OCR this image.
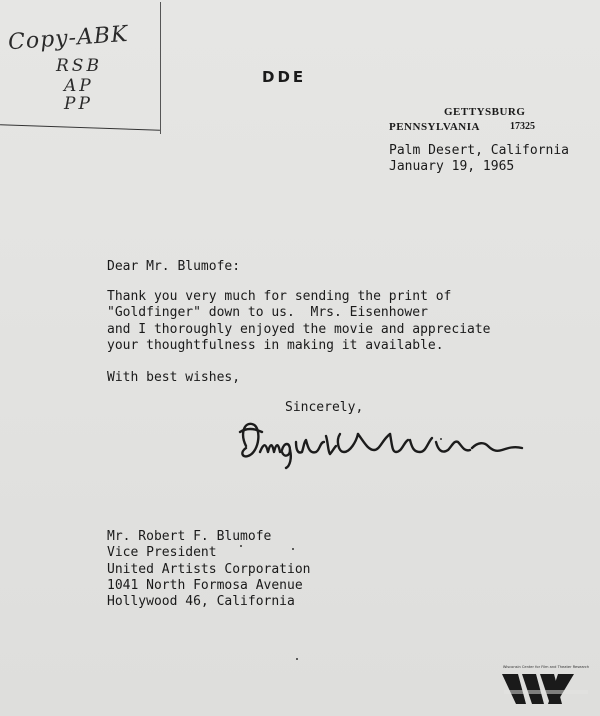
Copy-ABK
RSB
AP
PP
DDE
GETTYSBURG
PENNSYLVANIA	17325
Palm Desert, California
January 19, 1965
Dear Mr. Blumofe:
Thank you very much for sending the print of
"Goldfinger" down to us.  Mrs. Eisenhower
and I thoroughly enjoyed the movie and appreciate
your thoughtfulness in making it available.
With best wishes,
Sincerely,
Mr. Robert F. Blumofe
Vice President
United Artists Corporation
1041 North Formosa Avenue
Hollywood 46, California
Wisconsin Center for Film and Theater Research
